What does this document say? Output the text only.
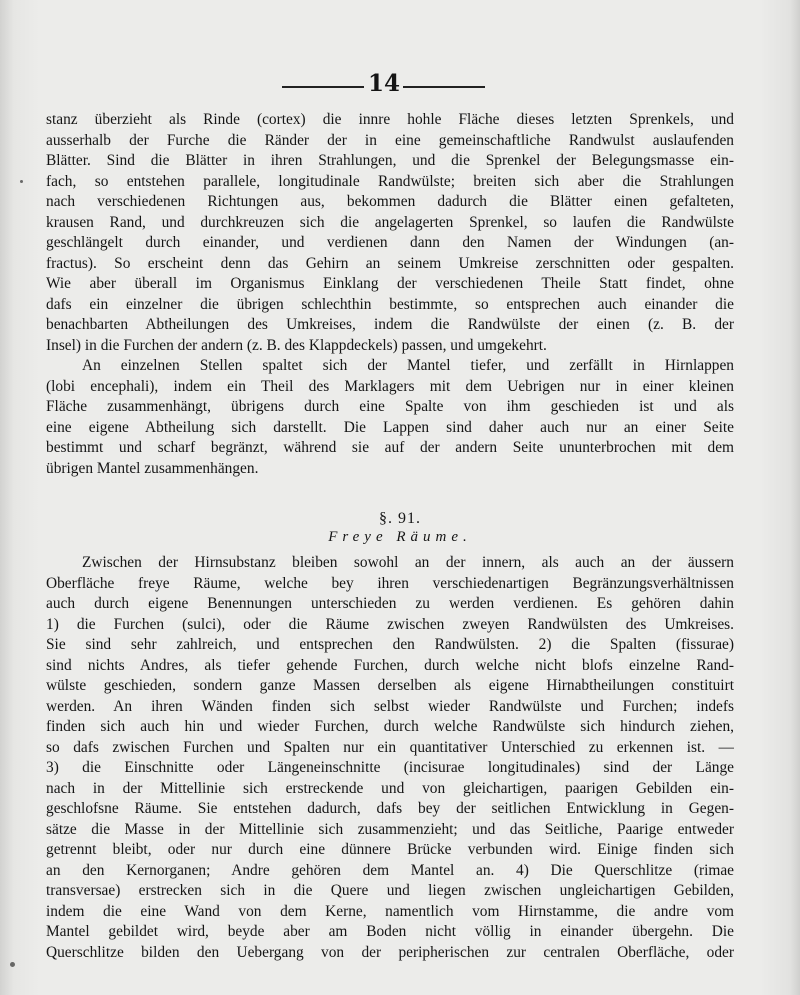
14
stanz überzieht als Rinde (cortex) die innre hohle Fläche dieses letzten Sprenkels, und
ausserhalb der Furche die Ränder der in eine gemeinschaftliche Randwulst auslaufenden
Blätter. Sind die Blätter in ihren Strahlungen, und die Sprenkel der Belegungsmasse ein-
fach, so entstehen parallele, longitudinale Randwülste; breiten sich aber die Strahlungen
nach verschiedenen Richtungen aus, bekommen dadurch die Blätter einen gefalteten,
krausen Rand, und durchkreuzen sich die angelagerten Sprenkel, so laufen die Randwülste
geschlängelt durch einander, und verdienen dann den Namen der Windungen (an-
fractus). So erscheint denn das Gehirn an seinem Umkreise zerschnitten oder gespalten.
Wie aber überall im Organismus Einklang der verschiedenen Theile Statt findet, ohne
dafs ein einzelner die übrigen schlechthin bestimmte, so entsprechen auch einander die
benachbarten Abtheilungen des Umkreises, indem die Randwülste der einen (z. B. der
Insel) in die Furchen der andern (z. B. des Klappdeckels) passen, und umgekehrt.
An einzelnen Stellen spaltet sich der Mantel tiefer, und zerfällt in Hirnlappen
(lobi encephali), indem ein Theil des Marklagers mit dem Uebrigen nur in einer kleinen
Fläche zusammenhängt, übrigens durch eine Spalte von ihm geschieden ist und als
eine eigene Abtheilung sich darstellt. Die Lappen sind daher auch nur an einer Seite
bestimmt und scharf begränzt, während sie auf der andern Seite ununterbrochen mit dem
übrigen Mantel zusammenhängen.
§. 91.
Freye Räume.
Zwischen der Hirnsubstanz bleiben sowohl an der innern, als auch an der äussern
Oberfläche freye Räume, welche bey ihren verschiedenartigen Begränzungsverhältnissen
auch durch eigene Benennungen unterschieden zu werden verdienen. Es gehören dahin
1) die Furchen (sulci), oder die Räume zwischen zweyen Randwülsten des Umkreises.
Sie sind sehr zahlreich, und entsprechen den Randwülsten. 2) die Spalten (fissurae)
sind nichts Andres, als tiefer gehende Furchen, durch welche nicht blofs einzelne Rand-
wülste geschieden, sondern ganze Massen derselben als eigene Hirnabtheilungen constituirt
werden. An ihren Wänden finden sich selbst wieder Randwülste und Furchen; indefs
finden sich auch hin und wieder Furchen, durch welche Randwülste sich hindurch ziehen,
so dafs zwischen Furchen und Spalten nur ein quantitativer Unterschied zu erkennen ist. —
3) die Einschnitte oder Längeneinschnitte (incisurae longitudinales) sind der Länge
nach in der Mittellinie sich erstreckende und von gleichartigen, paarigen Gebilden ein-
geschlofsne Räume. Sie entstehen dadurch, dafs bey der seitlichen Entwicklung in Gegen-
sätze die Masse in der Mittellinie sich zusammenzieht; und das Seitliche, Paarige entweder
getrennt bleibt, oder nur durch eine dünnere Brücke verbunden wird. Einige finden sich
an den Kernorganen; Andre gehören dem Mantel an. 4) Die Querschlitze (rimae
transversae) erstrecken sich in die Quere und liegen zwischen ungleichartigen Gebilden,
indem die eine Wand von dem Kerne, namentlich vom Hirnstamme, die andre vom
Mantel gebildet wird, beyde aber am Boden nicht völlig in einander übergehn. Die
Querschlitze bilden den Uebergang von der peripherischen zur centralen Oberfläche, oder
